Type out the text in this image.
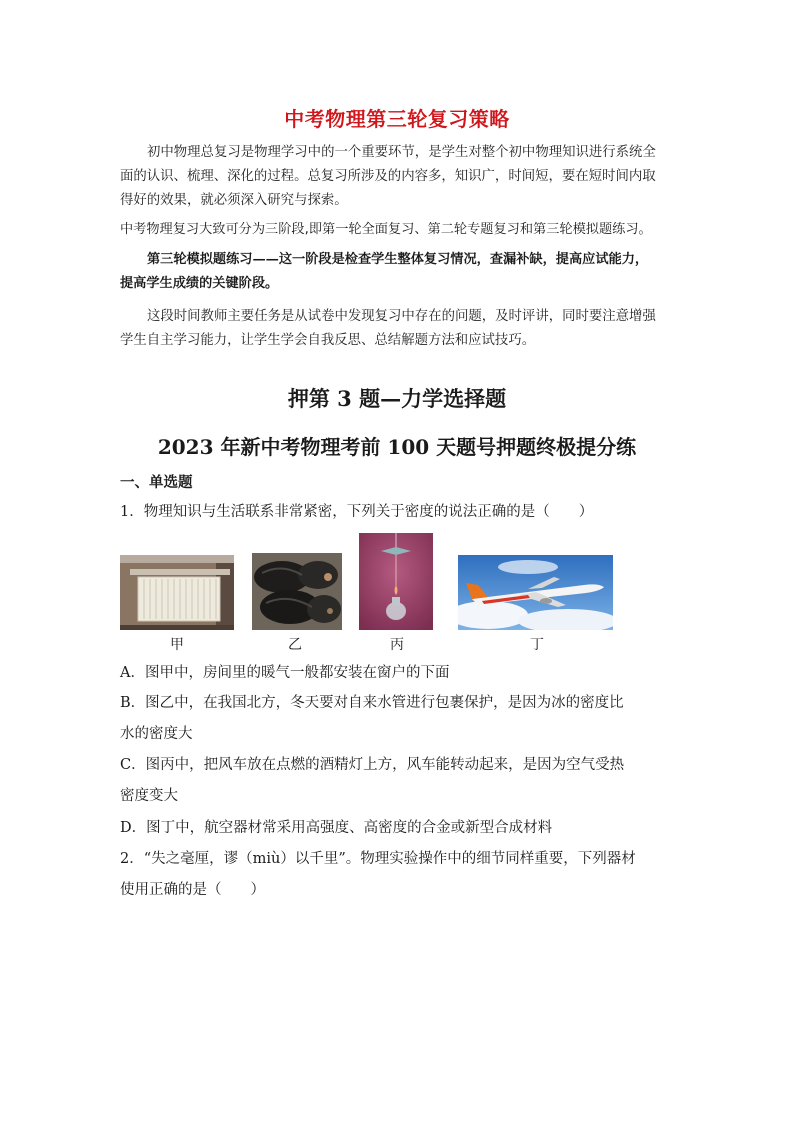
中考物理第三轮复习策略
初中物理总复习是物理学习中的一个重要环节，是学生对整个初中物理知识进行系统全
面的认识、梳理、深化的过程。总复习所涉及的内容多，知识广，时间短，要在短时间内取
得好的效果，就必须深入研究与探索。
中考物理复习大致可分为三阶段,即第一轮全面复习、第二轮专题复习和第三轮模拟题练习。
第三轮模拟题练习——这一阶段是检查学生整体复习情况，查漏补缺，提高应试能力，
提高学生成绩的关键阶段。
这段时间教师主要任务是从试卷中发现复习中存在的问题，及时评讲，同时要注意增强
学生自主学习能力，让学生学会自我反思、总结解题方法和应试技巧。
押第 3 题—力学选择题
2023 年新中考物理考前 100 天题号押题终极提分练
一、单选题
1．物理知识与生活联系非常紧密，下列关于密度的说法正确的是（　　）
甲	乙	丙	丁
A．图甲中，房间里的暖气一般都安装在窗户的下面
B．图乙中，在我国北方，冬天要对自来水管进行包裹保护，是因为冰的密度比
水的密度大
C．图丙中，把风车放在点燃的酒精灯上方，风车能转动起来，是因为空气受热
密度变大
D．图丁中，航空器材常采用高强度、高密度的合金或新型合成材料
2．“失之毫厘，谬（miù）以千里”。物理实验操作中的细节同样重要，下列器材
使用正确的是（　　）
